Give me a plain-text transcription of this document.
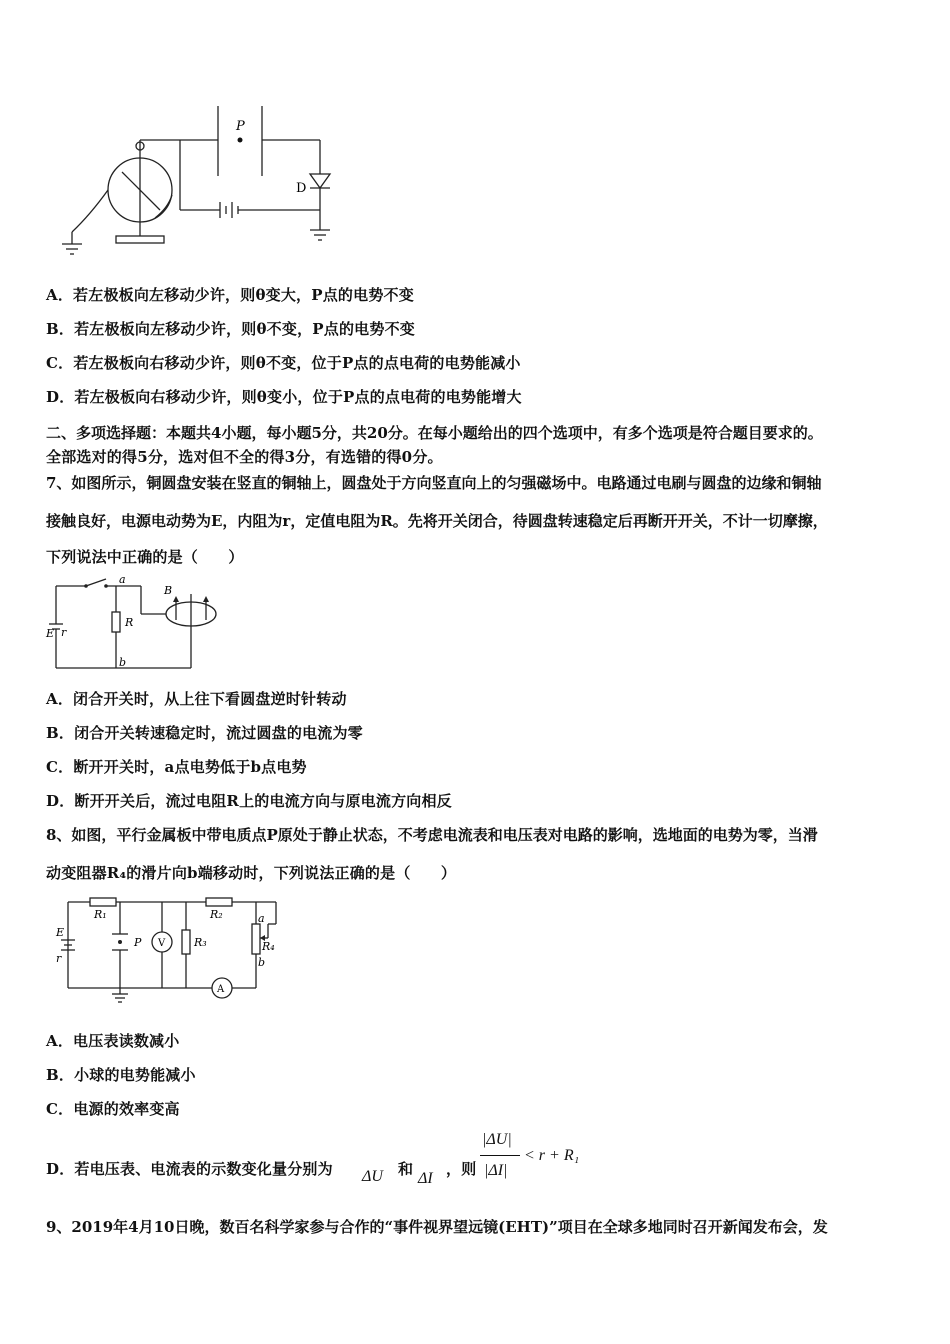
P
D
A．若左极板向左移动少许，则θ变大，P点的电势不变
B．若左极板向左移动少许，则θ不变，P点的电势不变
C．若左极板向右移动少许，则θ不变，位于P点的点电荷的电势能减小
D．若左极板向右移动少许，则θ变小，位于P点的点电荷的电势能增大
二、多项选择题：本题共4小题，每小题5分，共20分。在每小题给出的四个选项中，有多个选项是符合题目要求的。
全部选对的得5分，选对但不全的得3分，有选错的得0分。
7、如图所示，铜圆盘安装在竖直的铜轴上，圆盘处于方向竖直向上的匀强磁场中。电路通过电刷与圆盘的边缘和铜轴
接触良好，电源电动势为E，内阻为r，定值电阻为R。先将开关闭合，待圆盘转速稳定后再断开开关，不计一切摩擦，
下列说法中正确的是（　　）
E r
R
a
b
B
A．闭合开关时，从上往下看圆盘逆时针转动
B．闭合开关转速稳定时，流过圆盘的电流为零
C．断开开关时，a点电势低于b点电势
D．断开开关后，流过电阻R上的电流方向与原电流方向相反
8、如图，平行金属板中带电质点P原处于静止状态，不考虑电流表和电压表对电路的影响，选地面的电势为零，当滑
动变阻器R₄的滑片向b端移动时，下列说法正确的是（　　）
R₁	R₂
E
r
P V	R₃
a
R₄
b
A
A．电压表读数减小
B．小球的电势能减小
C．电源的效率变高
D．若电压表、电流表的示数变化量分别为 ΔU 和
ΔI
，则
|ΔU|
|ΔI|
< r + R₁
9、2019年4月10日晚，数百名科学家参与合作的“事件视界望远镜(EHT)”项目在全球多地同时召开新闻发布会，发
